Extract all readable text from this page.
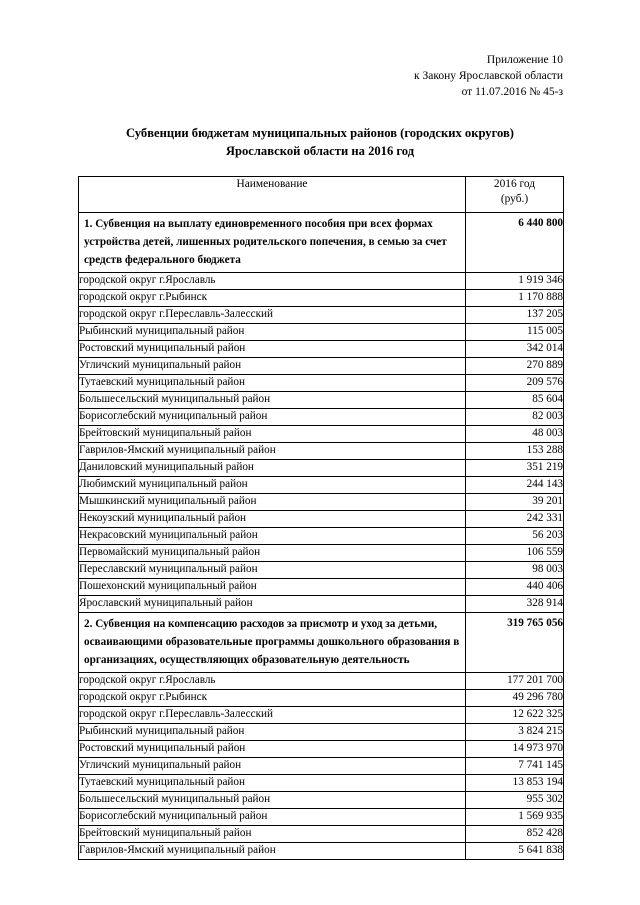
Приложение 10
к Закону Ярославской области
от 11.07.2016 № 45-з
Субвенции бюджетам муниципальных районов (городских округов)
Ярославской области на 2016 год
Наименование	2016 год
(руб.)

1. Субвенция на выплату единовременного пособия при всех формах устройства детей, лишенных родительского попечения, в семью за счет средств федерального бюджета	6 440 800
городской округ г.Ярославль	1 919 346
городской округ г.Рыбинск	1 170 888
городской округ г.Переславль-Залесский	137 205
Рыбинский муниципальный район	115 005
Ростовский муниципальный район	342 014
Угличский муниципальный район	270 889
Тутаевский муниципальный район	209 576
Большесельский муниципальный район	85 604
Борисоглебский муниципальный район	82 003
Брейтовский муниципальный район	48 003
Гаврилов-Ямский муниципальный район	153 288
Даниловский муниципальный район	351 219
Любимский муниципальный район	244 143
Мышкинский муниципальный район	39 201
Некоузский муниципальный район	242 331
Некрасовский муниципальный район	56 203
Первомайский муниципальный район	106 559
Переславский муниципальный район	98 003
Пошехонский муниципальный район	440 406
Ярославский муниципальный район	328 914
2. Субвенция на компенсацию расходов за присмотр и уход за детьми, осваивающими образовательные программы дошкольного образования в организациях, осуществляющих образовательную деятельность	319 765 056
городской округ г.Ярославль	177 201 700
городской округ г.Рыбинск	49 296 780
городской округ г.Переславль-Залесский	12 622 325
Рыбинский муниципальный район	3 824 215
Ростовский муниципальный район	14 973 970
Угличский муниципальный район	7 741 145
Тутаевский муниципальный район	13 853 194
Большесельский муниципальный район	955 302
Борисоглебский муниципальный район	1 569 935
Брейтовский муниципальный район	852 428
Гаврилов-Ямский муниципальный район	5 641 838
